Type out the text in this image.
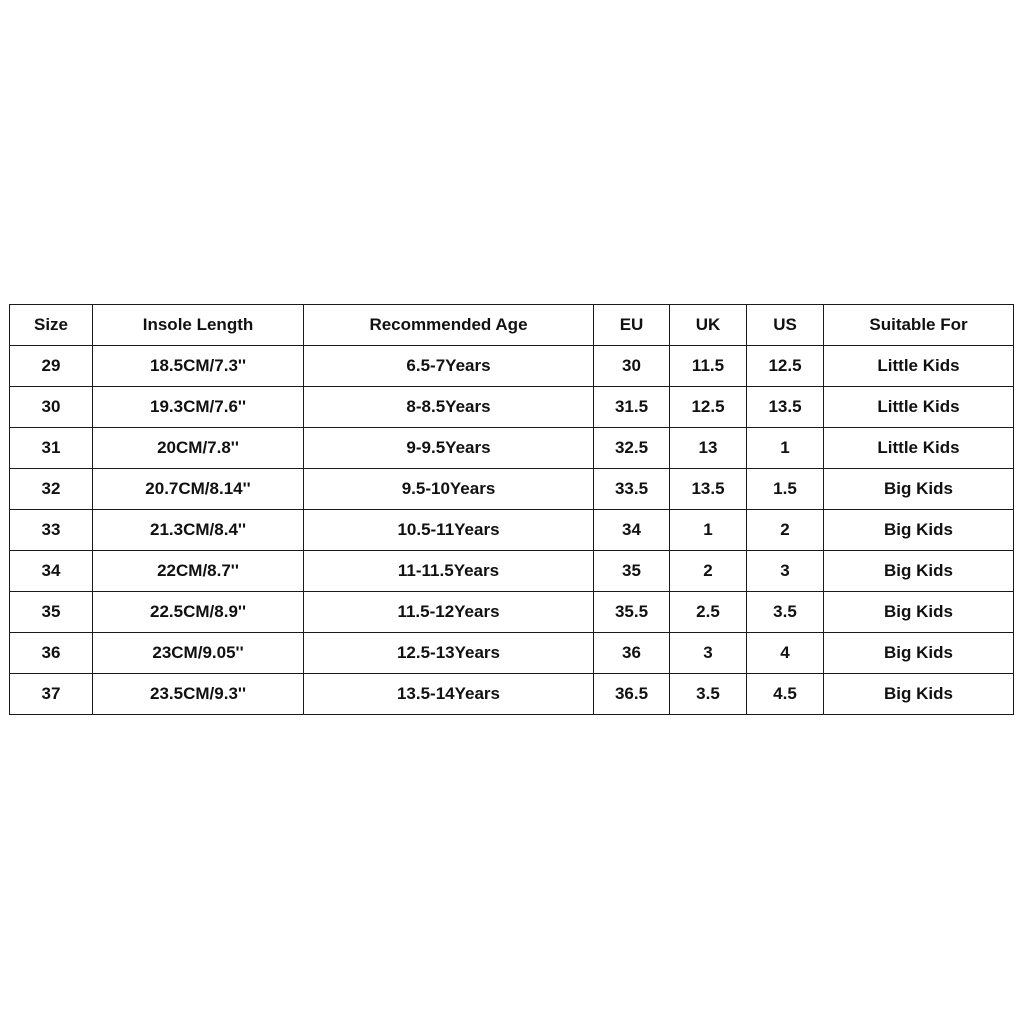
Size	Insole Length	Recommended Age	EU	UK	US	Suitable For
29	18.5CM/7.3''	6.5-7Years	30	11.5	12.5	Little Kids
30	19.3CM/7.6''	8-8.5Years	31.5	12.5	13.5	Little Kids
31	20CM/7.8''	9-9.5Years	32.5	13	1	Little Kids
32	20.7CM/8.14''	9.5-10Years	33.5	13.5	1.5	Big Kids
33	21.3CM/8.4''	10.5-11Years	34	1	2	Big Kids
34	22CM/8.7''	11-11.5Years	35	2	3	Big Kids
35	22.5CM/8.9''	11.5-12Years	35.5	2.5	3.5	Big Kids
36	23CM/9.05''	12.5-13Years	36	3	4	Big Kids
37	23.5CM/9.3''	13.5-14Years	36.5	3.5	4.5	Big Kids
